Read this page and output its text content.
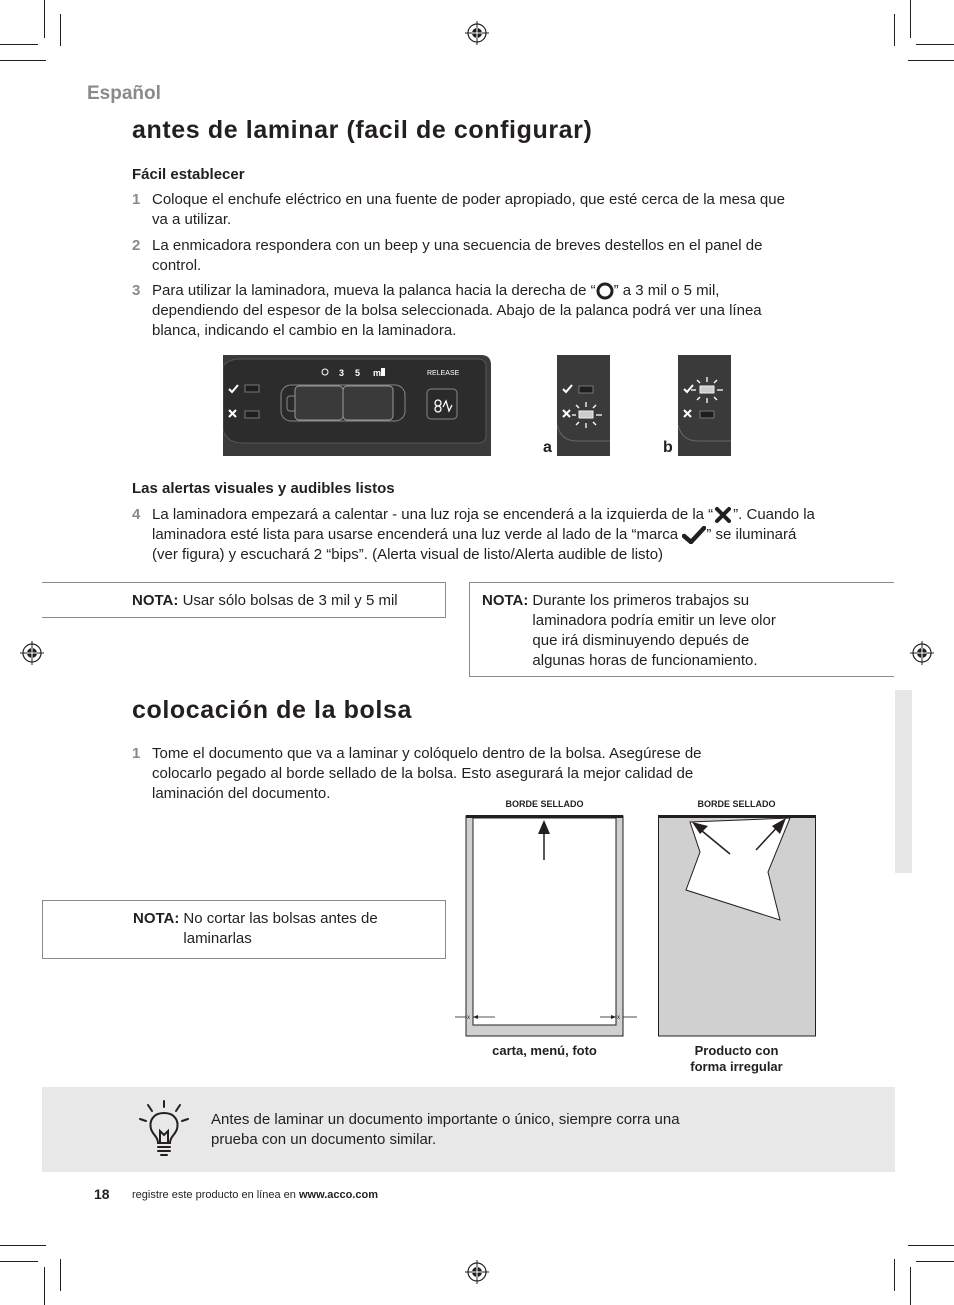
Español
antes de laminar (facil de configurar)
Fácil establecer
1 Coloque el enchufe eléctrico en una fuente de poder apropiado, que esté cerca de la mesa que va a utilizar.
2 La enmicadora respondera con un beep y una secuencia de breves destellos en el panel de control.
3 Para utilizar la laminadora, mueva la palanca hacia la derecha de “ ” a 3 mil o 5 mil, dependiendo del espesor de la bolsa seleccionada. Abajo de la palanca podrá ver una línea blanca, indicando el cambio en la laminadora.
3 5 m	RELEASE
a	b
Las alertas visuales y audibles listos
4 La laminadora empezará a calentar - una luz roja se encenderá a la izquierda de la “ ”. Cuando la laminadora esté lista para usarse encenderá una luz verde al lado de la “marca ” se iluminará (ver figura) y escuchará 2 “bips”. (Alerta visual de listo/Alerta audible de listo)
NOTA: Usar sólo bolsas de 3 mil y 5 mil	NOTA: Durante los primeros trabajos su laminadora podría emitir un leve olor que irá disminuyendo depués de algunas horas de funcionamiento.
colocación de la bolsa
1 Tome el documento que va a laminar y colóquelo dentro de la bolsa. Asegúrese de colocarlo pegado al borde sellado de la bolsa. Esto asegurará la mejor calidad de laminación del documento.
NOTA: No cortar las bolsas antes de laminarlas
BORDE SELLADO	BORDE SELLADO
x	x
carta, menú, foto	Producto con
forma irregular
Antes de laminar un documento importante o único, siempre corra una prueba con un documento similar.
18 registre este producto en línea en www.acco.com
